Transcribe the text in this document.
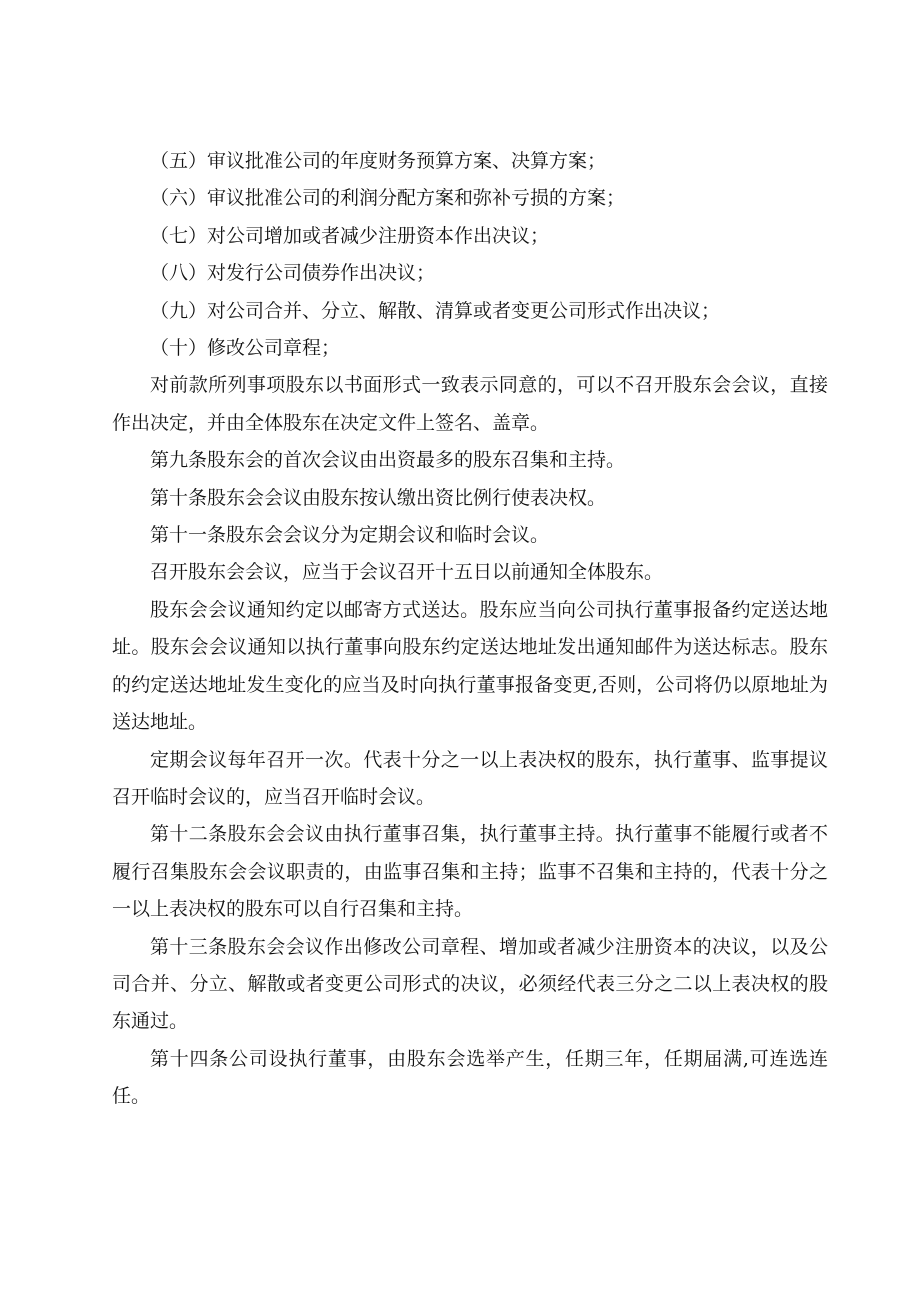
（五）审议批准公司的年度财务预算方案、决算方案；

（六）审议批准公司的利润分配方案和弥补亏损的方案；

（七）对公司增加或者减少注册资本作出决议；

（八）对发行公司债券作出决议；

（九）对公司合并、分立、解散、清算或者变更公司形式作出决议；

（十）修改公司章程；

对前款所列事项股东以书面形式一致表示同意的，可以不召开股东会会议，直接作出决定，并由全体股东在决定文件上签名、盖章。

第九条股东会的首次会议由出资最多的股东召集和主持。

第十条股东会会议由股东按认缴出资比例行使表决权。

第十一条股东会会议分为定期会议和临时会议。

召开股东会会议，应当于会议召开十五日以前通知全体股东。

股东会会议通知约定以邮寄方式送达。股东应当向公司执行董事报备约定送达地址。股东会会议通知以执行董事向股东约定送达地址发出通知邮件为送达标志。股东的约定送达地址发生变化的应当及时向执行董事报备变更,否则，公司将仍以原地址为送达地址。

定期会议每年召开一次。代表十分之一以上表决权的股东，执行董事、监事提议召开临时会议的，应当召开临时会议。

第十二条股东会会议由执行董事召集，执行董事主持。执行董事不能履行或者不履行召集股东会会议职责的，由监事召集和主持；监事不召集和主持的，代表十分之一以上表决权的股东可以自行召集和主持。

第十三条股东会会议作出修改公司章程、增加或者减少注册资本的决议，以及公司合并、分立、解散或者变更公司形式的决议，必须经代表三分之二以上表决权的股东通过。

第十四条公司设执行董事，由股东会选举产生，任期三年，任期届满,可连选连任。
